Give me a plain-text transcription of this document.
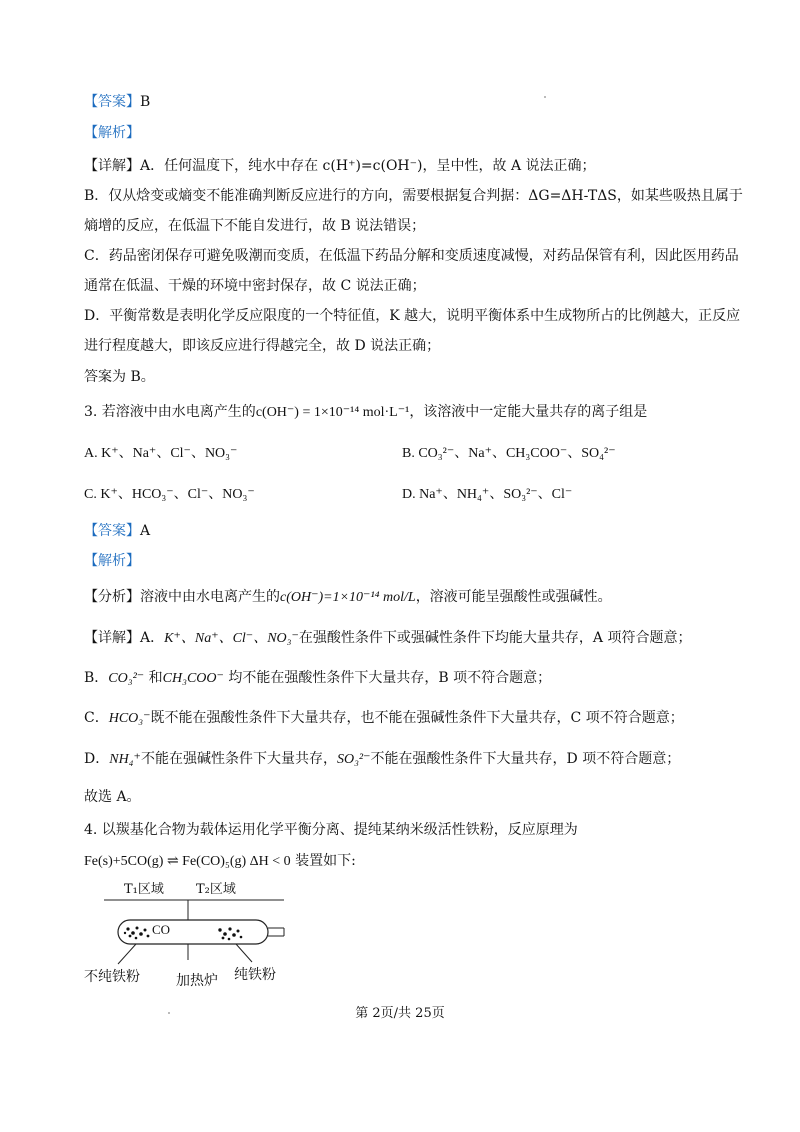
【答案】B
【解析】
【详解】A．任何温度下，纯水中存在 c(H⁺)=c(OH⁻)，呈中性，故 A 说法正确；
B．仅从焓变或熵变不能准确判断反应进行的方向，需要根据复合判据：ΔG=ΔH-TΔS，如某些吸热且属于
熵增的反应，在低温下不能自发进行，故 B 说法错误；
C．药品密闭保存可避免吸潮而变质，在低温下药品分解和变质速度减慢，对药品保管有利，因此医用药品
通常在低温、干燥的环境中密封保存，故 C 说法正确；
D．平衡常数是表明化学反应限度的一个特征值，K 越大，说明平衡体系中生成物所占的比例越大，正反应
进行程度越大，即该反应进行得越完全，故 D 说法正确；
答案为 B。
3. 若溶液中由水电离产生的c(OH⁻) = 1×10⁻¹⁴ mol·L⁻¹，该溶液中一定能大量共存的离子组是
A. K⁺、Na⁺、Cl⁻、NO₃⁻	B. CO₃²⁻、Na⁺、CH₃COO⁻、SO₄²⁻
C. K⁺、HCO₃⁻、Cl⁻、NO₃⁻	D. Na⁺、NH₄⁺、SO₃²⁻、Cl⁻
【答案】A
【解析】
【分析】溶液中由水电离产生的c(OH⁻)=1×10⁻¹⁴ mol/L，溶液可能呈强酸性或强碱性。
【详解】A．K⁺、Na⁺、Cl⁻、NO₃⁻在强酸性条件下或强碱性条件下均能大量共存，A 项符合题意；
B．CO₃²⁻ 和CH₃COO⁻ 均不能在强酸性条件下大量共存，B 项不符合题意；
C．HCO₃⁻既不能在强酸性条件下大量共存，也不能在强碱性条件下大量共存，C 项不符合题意；
D．NH₄⁺不能在强碱性条件下大量共存，SO₃²⁻不能在强酸性条件下大量共存，D 项不符合题意；
故选 A。
4. 以羰基化合物为载体运用化学平衡分离、提纯某纳米级活性铁粉，反应原理为
Fe(s)+5CO(g) ⇌ Fe(CO)₅(g) ΔH < 0 装置如下:
T₁区域 T₂区域
CO
不纯铁粉	加热炉 纯铁粉
第 2页/共 25页
